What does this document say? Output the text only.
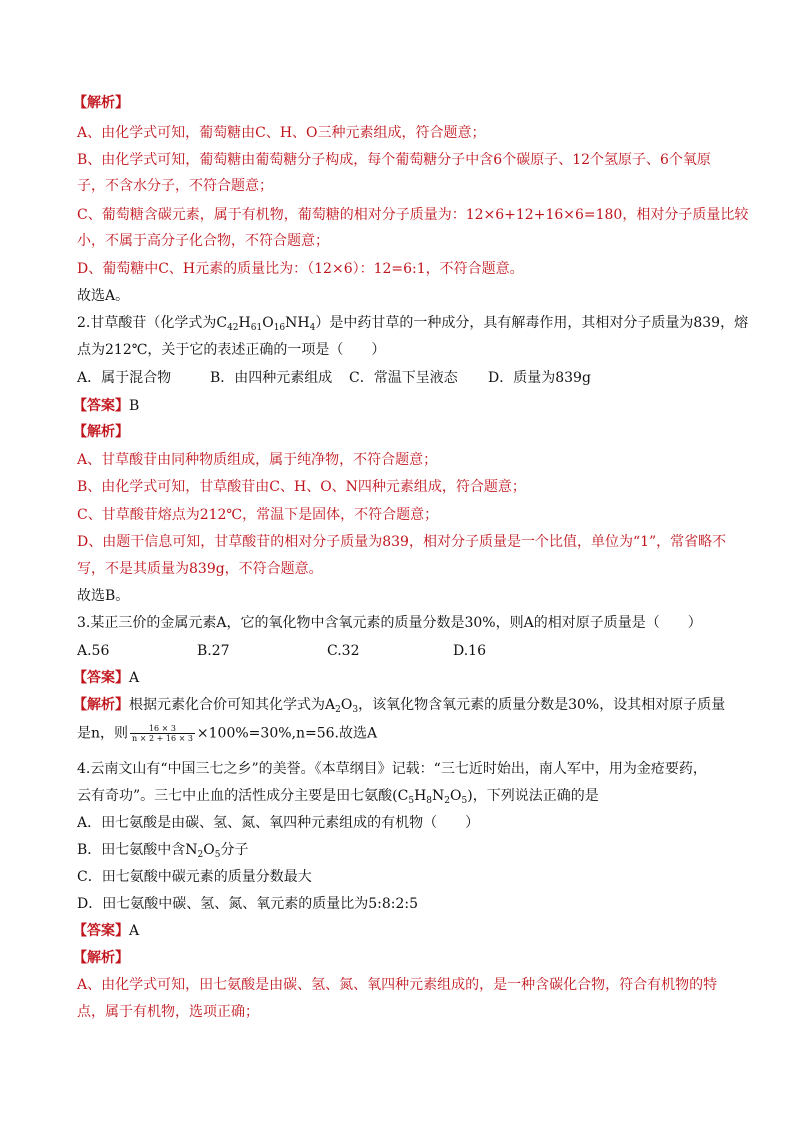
【解析】
A、由化学式可知，葡萄糖由C、H、O三种元素组成，符合题意；
B、由化学式可知，葡萄糖由葡萄糖分子构成，每个葡萄糖分子中含6个碳原子、12个氢原子、6个氧原
子，不含水分子，不符合题意；
C、葡萄糖含碳元素，属于有机物，葡萄糖的相对分子质量为：12×6+12+16×6=180，相对分子质量比较
小，不属于高分子化合物，不符合题意；
D、葡萄糖中C、H元素的质量比为：（12×6）：12=6:1，不符合题意。
故选A。
2.甘草酸苷（化学式为$C_{42}H_{61}O_{16}NH_4$）是中药甘草的一种成分，具有解毒作用，其相对分子质量为839，熔
点为212℃，关于它的表述正确的一项是（　　）
A．属于混合物	B．由四种元素组成 C．常温下呈液态 D．质量为839g
【答案】B
【解析】
A、甘草酸苷由同种物质组成，属于纯净物，不符合题意；
B、由化学式可知，甘草酸苷由C、H、O、N四种元素组成，符合题意；
C、甘草酸苷熔点为212℃，常温下是固体，不符合题意；
D、由题干信息可知，甘草酸苷的相对分子质量为839，相对分子质量是一个比值，单位为“1”，常省略不
写，不是其质量为839g，不符合题意。
故选B。
3.某正三价的金属元素A，它的氧化物中含氧元素的质量分数是30%，则A的相对原子质量是（　　）
A.56	B.27	C.32	D.16
【答案】A
【解析】根据元素化合价可知其化学式为$A_2O_3$，该氧化物含氧元素的质量分数是30%，设其相对原子质量
是n，则 $\frac{16 \times 3}{n \times 2 + 16 \times 3} \times 100\%=30\%,n=56$.故选A
4.云南文山有“中国三七之乡”的美誉。《本草纲目》记载：“三七近时始出，南人军中，用为金疮要药，
云有奇功”。三七中止血的活性成分主要是田七氨酸$(C_5H_8N_2O_5)$，下列说法正确的是
A．田七氨酸是由碳、氢、氮、氧四种元素组成的有机物（　　）
B．田七氨酸中含$N_2O_5$分子
C．田七氨酸中碳元素的质量分数最大
D．田七氨酸中碳、氢、氮、氧元素的质量比为5:8:2:5
【答案】A
【解析】
A、由化学式可知，田七氨酸是由碳、氢、氮、氧四种元素组成的，是一种含碳化合物，符合有机物的特
点，属于有机物，选项正确；
